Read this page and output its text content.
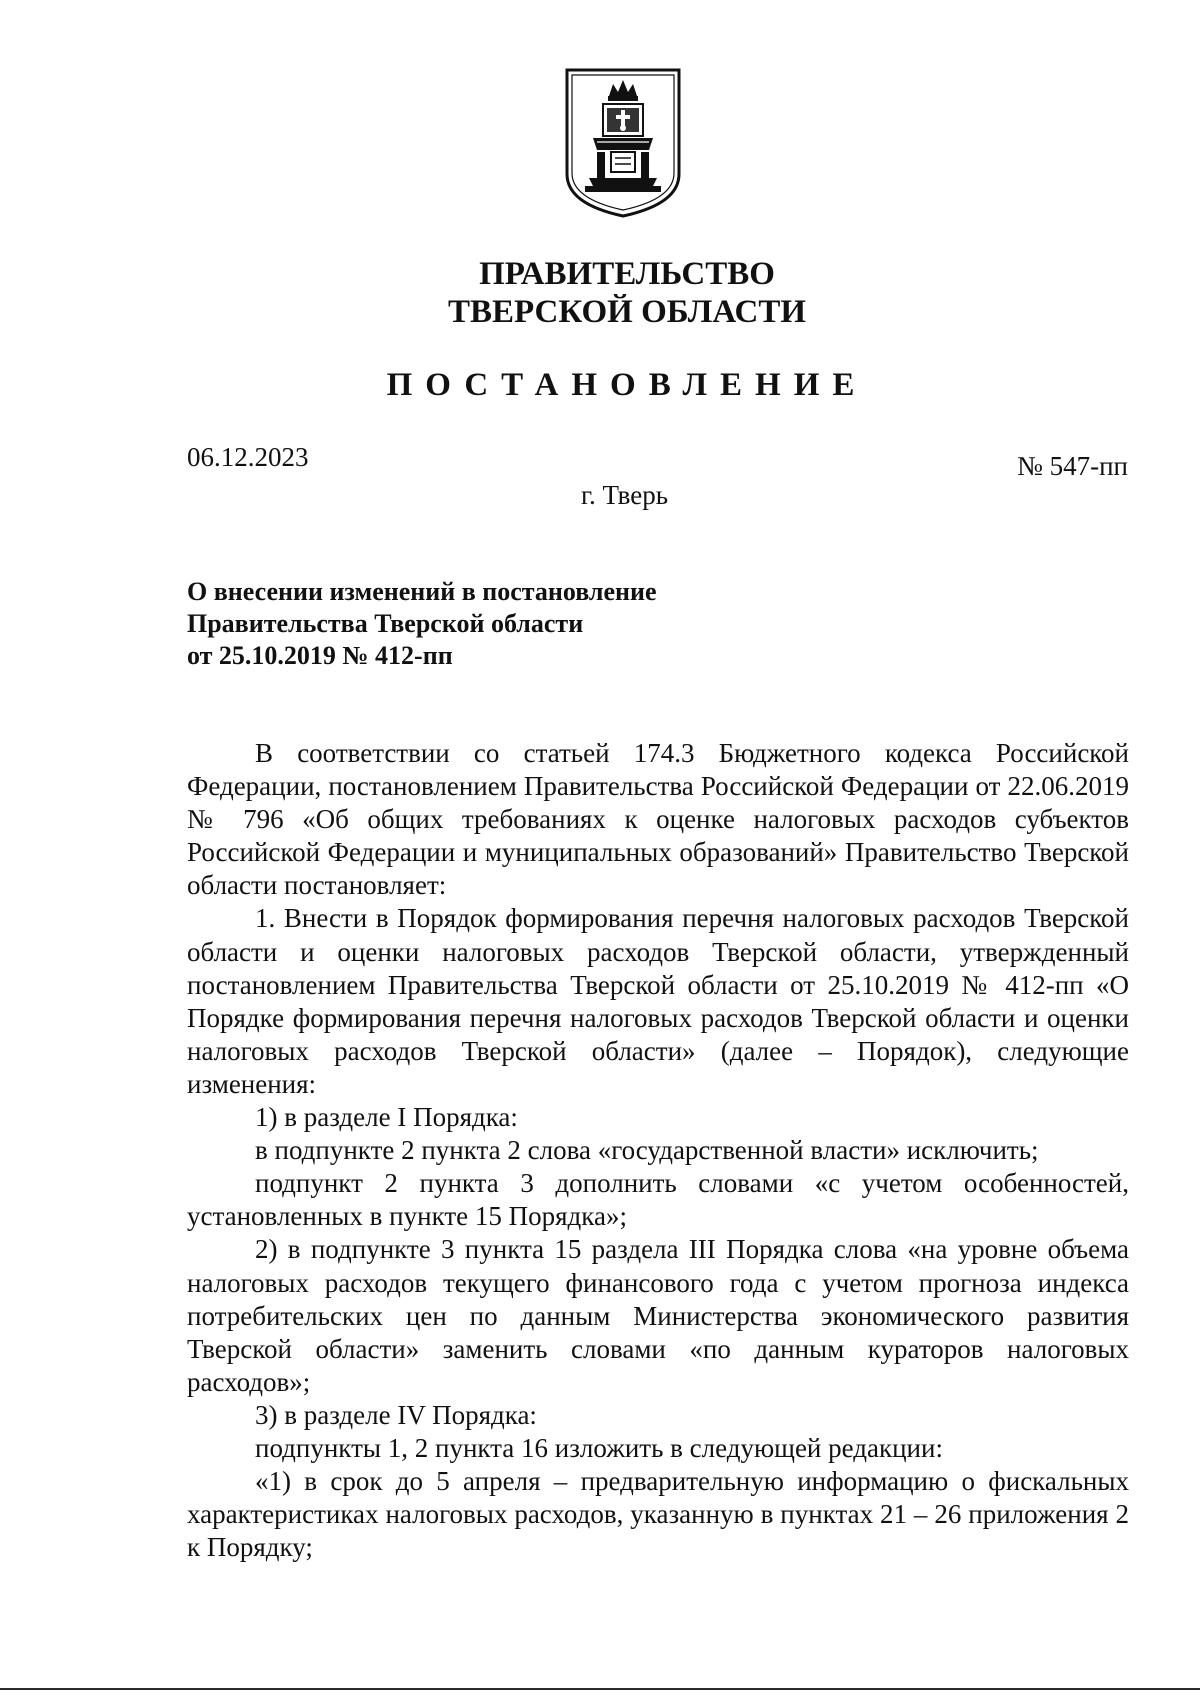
ПРАВИТЕЛЬСТВО
ТВЕРСКОЙ ОБЛАСТИ
ПОСТАНОВЛЕНИЕ
06.12.2023	№ 547-пп
г. Тверь
О внесении изменений в постановление
Правительства Тверской области
от 25.10.2019 № 412-пп

В соответствии со статьей 174.3 Бюджетного кодекса Российской Федерации, постановлением Правительства Российской Федерации от 22.06.2019 № 796 «Об общих требованиях к оценке налоговых расходов субъектов Российской Федерации и муниципальных образований» Правительство Тверской области постановляет:

1. Внести в Порядок формирования перечня налоговых расходов Тверской области и оценки налоговых расходов Тверской области, утвержденный постановлением Правительства Тверской области от 25.10.2019 № 412-пп «О Порядке формирования перечня налоговых расходов Тверской области и оценки налоговых расходов Тверской области» (далее – Порядок), следующие изменения:

1) в разделе I Порядка:

в подпункте 2 пункта 2 слова «государственной власти» исключить;

подпункт 2 пункта 3 дополнить словами «с учетом особенностей, установленных в пункте 15 Порядка»;

2) в подпункте 3 пункта 15 раздела III Порядка слова «на уровне объема налоговых расходов текущего финансового года с учетом прогноза индекса потребительских цен по данным Министерства экономического развития Тверской области» заменить словами «по данным кураторов налоговых расходов»;

3) в разделе IV Порядка:

подпункты 1, 2 пункта 16 изложить в следующей редакции:

«1) в срок до 5 апреля – предварительную информацию о фискальных характеристиках налоговых расходов, указанную в пунктах 21 – 26 приложения 2 к Порядку;
